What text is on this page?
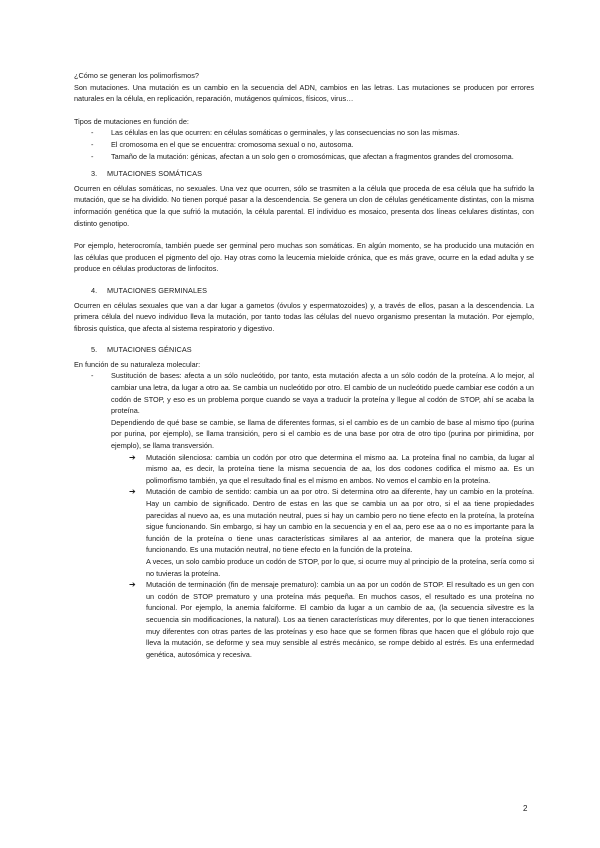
¿Cómo se generan los polimorfismos?

Son mutaciones. Una mutación es un cambio en la secuencia del ADN, cambios en las letras. Las mutaciones se producen por errores naturales en la célula, en replicación, reparación, mutágenos químicos, físicos, virus…

Tipos de mutaciones en función de:

- Las células en las que ocurren: en células somáticas o germinales, y las consecuencias no son las mismas.
- El cromosoma en el que se encuentra: cromosoma sexual o no, autosoma.
- Tamaño de la mutación: génicas, afectan a un solo gen o cromosómicas, que afectan a fragmentos grandes del cromosoma.
3. MUTACIONES SOMÁTICAS

Ocurren en células somáticas, no sexuales. Una vez que ocurren, sólo se trasmiten a la célula que proceda de esa célula que ha sufrido la mutación, que se ha dividido. No tienen porqué pasar a la descendencia. Se genera un clon de células genéticamente distintas, con la misma información genética que la que sufrió la mutación, la célula parental. El individuo es mosaico, presenta dos líneas celulares distintas, con distinto genotipo.

Por ejemplo, heterocromía, también puede ser germinal pero muchas son somáticas. En algún momento, se ha producido una mutación en las células que producen el pigmento del ojo. Hay otras como la leucemia mieloide crónica, que es más grave, ocurre en la edad adulta y se produce en células productoras de linfocitos.

4. MUTACIONES GERMINALES

Ocurren en células sexuales que van a dar lugar a gametos (óvulos y espermatozoides) y, a través de ellos, pasan a la descendencia. La primera célula del nuevo individuo lleva la mutación, por tanto todas las células del nuevo organismo presentan la mutación. Por ejemplo, fibrosis quística, que afecta al sistema respiratorio y digestivo.

5. MUTACIONES GÉNICAS

En función de su naturaleza molecular:

- Sustitución de bases: afecta a un sólo nucleótido, por tanto, esta mutación afecta a un sólo codón de la proteína. A lo mejor, al cambiar una letra, da lugar a otro aa. Se cambia un nucleótido por otro. El cambio de un nucleótido puede cambiar ese codón a un codón de STOP, y eso es un problema porque cuando se vaya a traducir la proteína y llegue al codón de STOP, ahí se acaba la proteína.

Dependiendo de qué base se cambie, se llama de diferentes formas, si el cambio es de un cambio de base al mismo tipo (purina por purina, por ejemplo), se llama transición, pero si el cambio es de una base por otra de otro tipo (purina por pirimidina, por ejemplo), se llama transversión.

➔ Mutación silenciosa: cambia un codón por otro que determina el mismo aa. La proteína final no cambia, da lugar al mismo aa, es decir, la proteína tiene la misma secuencia de aa, los dos codones codifica el mismo aa. Es un polimorfismo también, ya que el resultado final es el mismo en ambos. No vemos el cambio en la proteína.
➔ Mutación de cambio de sentido: cambia un aa por otro. Si determina otro aa diferente, hay un cambio en la proteína. Hay un cambio de significado. Dentro de estas en las que se cambia un aa por otro, si el aa tiene propiedades parecidas al nuevo aa, es una mutación neutral, pues si hay un cambio pero no tiene efecto en la proteína, la proteína sigue funcionando. Sin embargo, si hay un cambio en la secuencia y en el aa, pero ese aa o no es importante para la función de la proteína o tiene unas características similares al aa anterior, de manera que la proteína sigue funcionando. Es una mutación neutral, no tiene efecto en la función de la proteína.

A veces, un solo cambio produce un codón de STOP, por lo que, si ocurre muy al principio de la proteína, sería como si no tuvieras la proteína.

➔ Mutación de terminación (fin de mensaje prematuro): cambia un aa por un codón de STOP. El resultado es un gen con un codón de STOP prematuro y una proteína más pequeña. En muchos casos, el resultado es una proteína no funcional. Por ejemplo, la anemia falciforme. El cambio da lugar a un cambio de aa, (la secuencia silvestre es la secuencia sin modificaciones, la natural). Los aa tienen características muy diferentes, por lo que tienen interacciones muy diferentes con otras partes de las proteínas y eso hace que se formen fibras que hacen que el glóbulo rojo que lleva la mutación, se deforme y sea muy sensible al estrés mecánico, se rompe debido al estrés. Es una enfermedad genética, autosómica y recesiva.
2
